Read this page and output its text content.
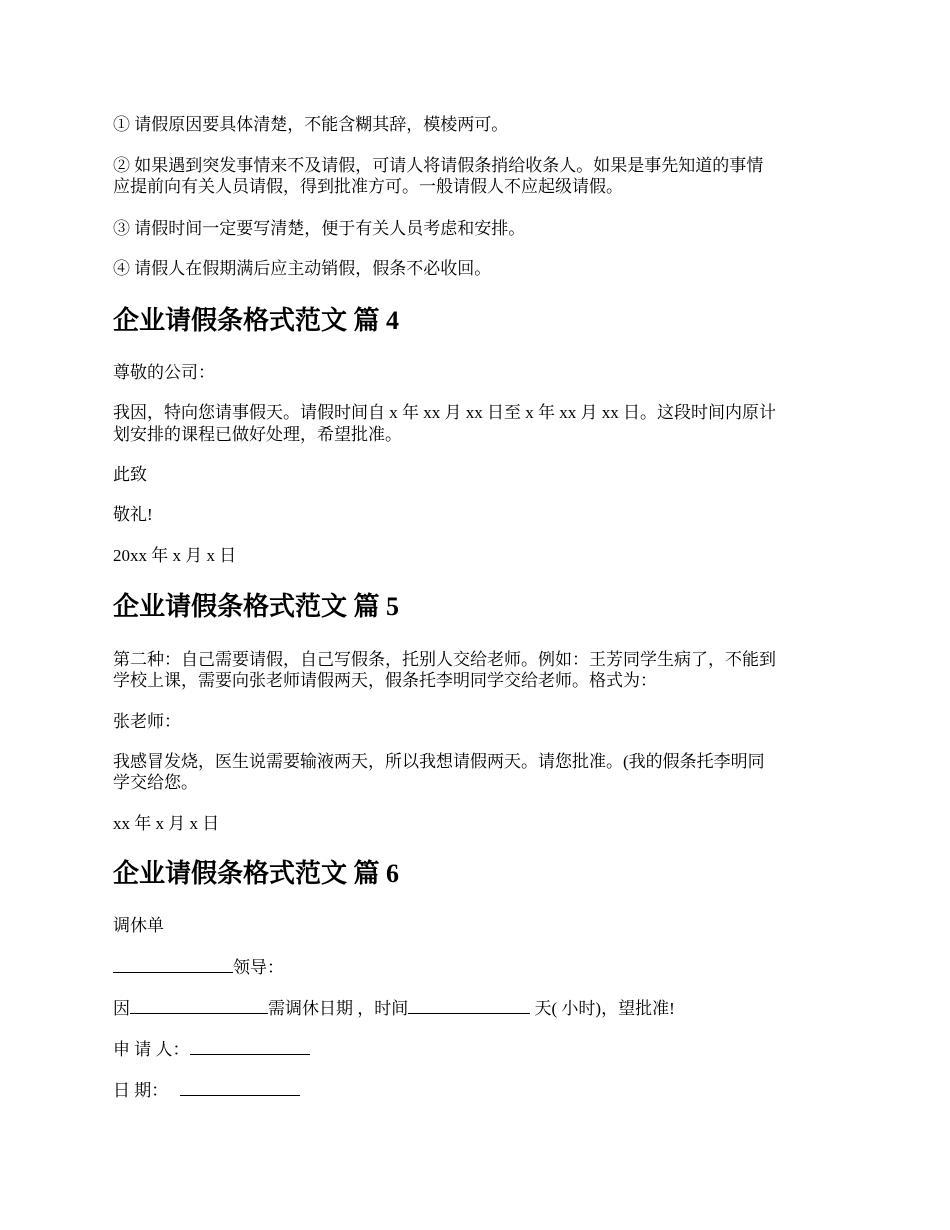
① 请假原因要具体清楚，不能含糊其辞，模棱两可。
② 如果遇到突发事情来不及请假，可请人将请假条捎给收条人。如果是事先知道的事情
应提前向有关人员请假，得到批准方可。一般请假人不应起级请假。
③ 请假时间一定要写清楚，便于有关人员考虑和安排。
④ 请假人在假期满后应主动销假，假条不必收回。
企业请假条格式范文 篇 4
尊敬的公司：
我因，特向您请事假天。请假时间自 x 年 xx 月 xx 日至 x 年 xx 月 xx 日。这段时间内原计
划安排的课程已做好处理，希望批准。
此致
敬礼!
20xx 年 x 月 x 日
企业请假条格式范文 篇 5
第二种：自己需要请假，自己写假条，托别人交给老师。例如：王芳同学生病了，不能到
学校上课，需要向张老师请假两天，假条托李明同学交给老师。格式为：
张老师：
我感冒发烧，医生说需要输液两天，所以我想请假两天。请您批准。(我的假条托李明同
学交给您。
xx 年 x 月 x 日
企业请假条格式范文 篇 6
调休单
领导：
因	需调休日期 ，时间	天( 小时)，望批准!
申 请 人：
日 期：
